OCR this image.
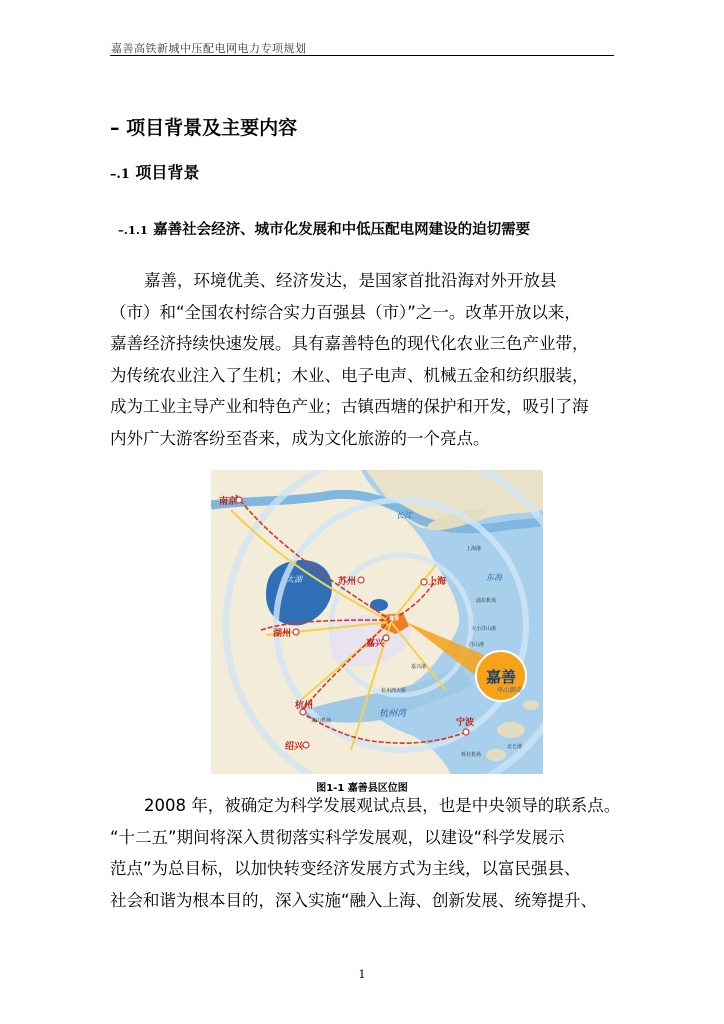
嘉善高铁新城中压配电网电力专项规划
– 项目背景及主要内容
–.1 项目背景
–.1.1 嘉善社会经济、城市化发展和中低压配电网建设的迫切需要
嘉善，环境优美、经济发达，是国家首批沿海对外开放县
（市）和“全国农村综合实力百强县（市）”之一。改革开放以来，
嘉善经济持续快速发展。具有嘉善特色的现代化农业三色产业带，
为传统农业注入了生机；木业、电子电声、机械五金和纺织服装，
成为工业主导产业和特色产业；古镇西塘的保护和开发，吸引了海
内外广大游客纷至沓来，成为文化旅游的一个亮点。
嘉善
南京
苏州	上海
湖州
嘉兴
杭州
绍兴
宁波
长江
太湖	东海
杭州湾
舟山群岛
上海港
浦东机场
大小洋山港
洋山港
嘉兴港
杭州湾大桥
北仑港
栎社机场
萧山机场
嘉善
图1-1 嘉善县区位图
2008 年，被确定为科学发展观试点县，也是中央领导的联系点。
“十二五”期间将深入贯彻落实科学发展观，以建设“科学发展示
范点”为总目标，以加快转变经济发展方式为主线，以富民强县、
社会和谐为根本目的，深入实施“融入上海、创新发展、统筹提升、
1
